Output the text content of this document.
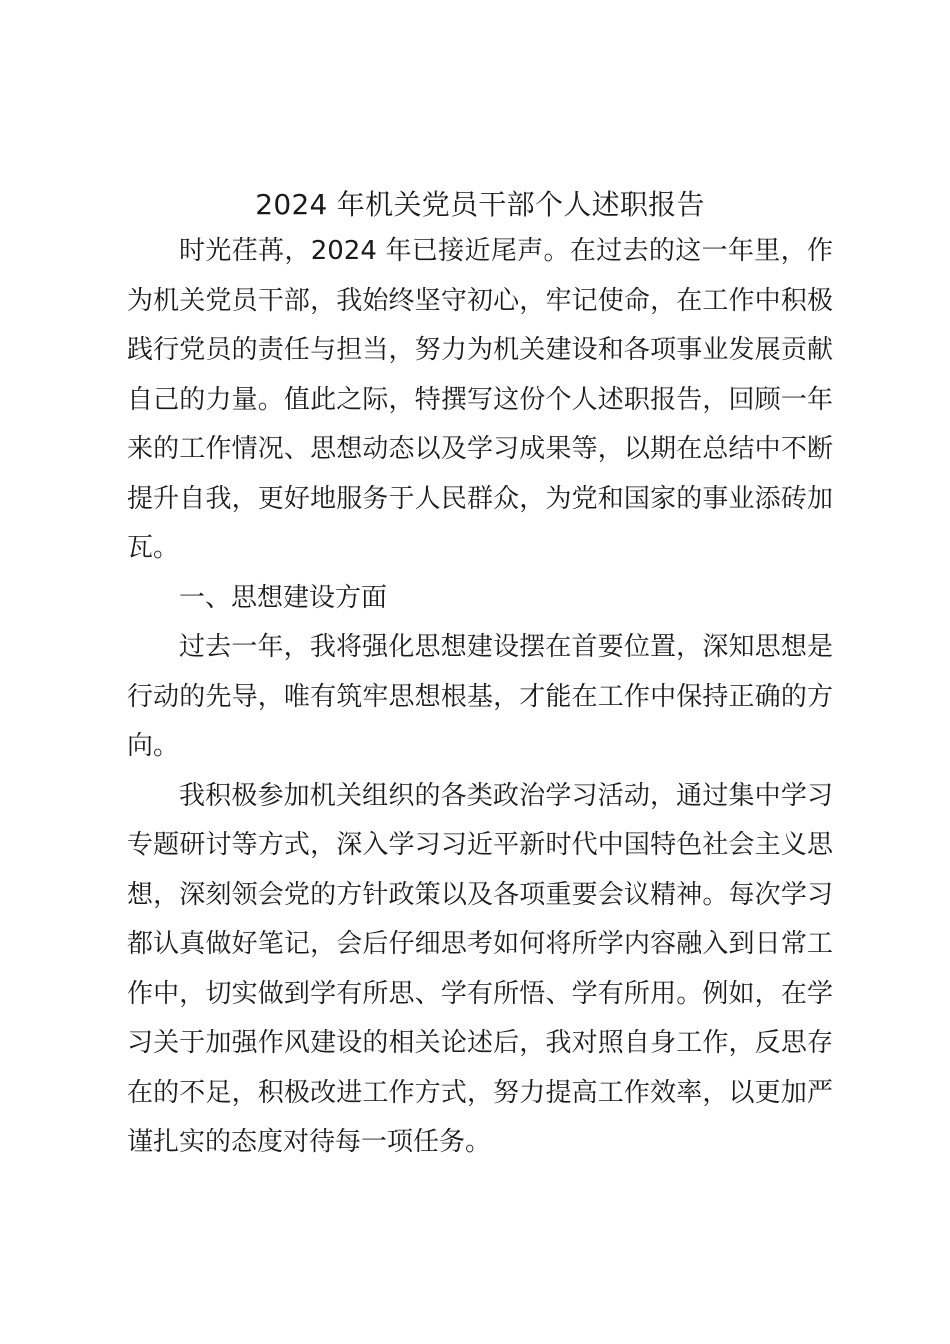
2024 年机关党员干部个人述职报告

时光荏苒，2024 年已接近尾声。在过去的这一年里，作为机关党员干部，我始终坚守初心，牢记使命，在工作中积极践行党员的责任与担当，努力为机关建设和各项事业发展贡献自己的力量。值此之际，特撰写这份个人述职报告，回顾一年来的工作情况、思想动态以及学习成果等，以期在总结中不断提升自我，更好地服务于人民群众，为党和国家的事业添砖加瓦。

一、思想建设方面

过去一年，我将强化思想建设摆在首要位置，深知思想是行动的先导，唯有筑牢思想根基，才能在工作中保持正确的方向。

我积极参加机关组织的各类政治学习活动，通过集中学习专题研讨等方式，深入学习习近平新时代中国特色社会主义思想，深刻领会党的方针政策以及各项重要会议精神。每次学习都认真做好笔记，会后仔细思考如何将所学内容融入到日常工作中，切实做到学有所思、学有所悟、学有所用。例如，在学习关于加强作风建设的相关论述后，我对照自身工作，反思存在的不足，积极改进工作方式，努力提高工作效率，以更加严谨扎实的态度对待每一项任务。
